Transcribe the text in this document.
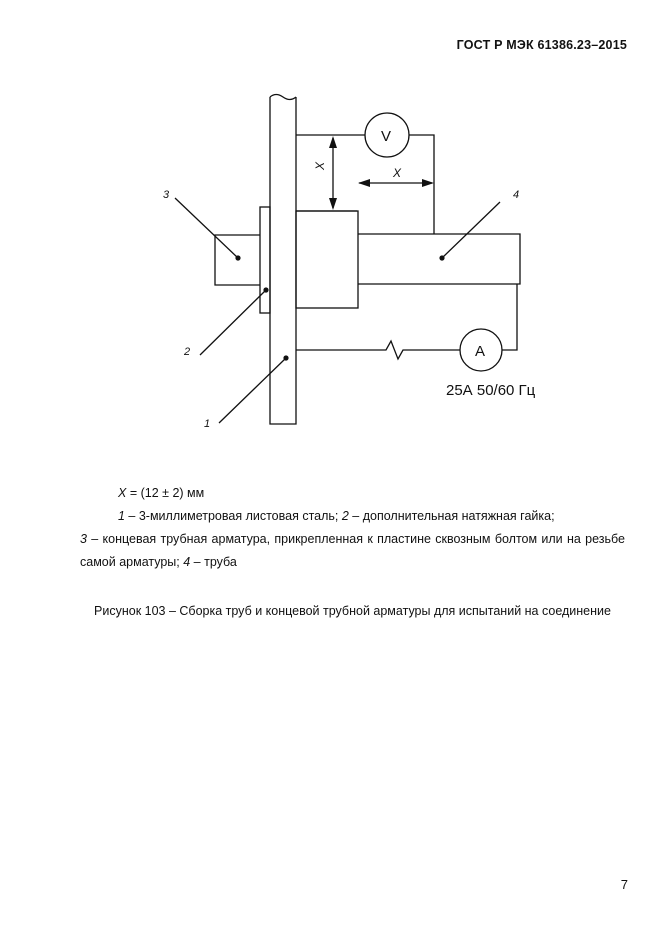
ГОСТ Р МЭК 61386.23–2015
1
2
3	4
X
X
V
A
25А 50/60 Гц

X = (12 ± 2) мм

1 – 3-миллиметровая листовая сталь; 2 – дополнительная натяжная гайка;

3 – концевая трубная арматура, прикрепленная к пластине сквозным болтом или на резьбе самой арматуры; 4 – труба

Рисунок 103 – Сборка труб и концевой трубной арматуры для испытаний на соединение
7
